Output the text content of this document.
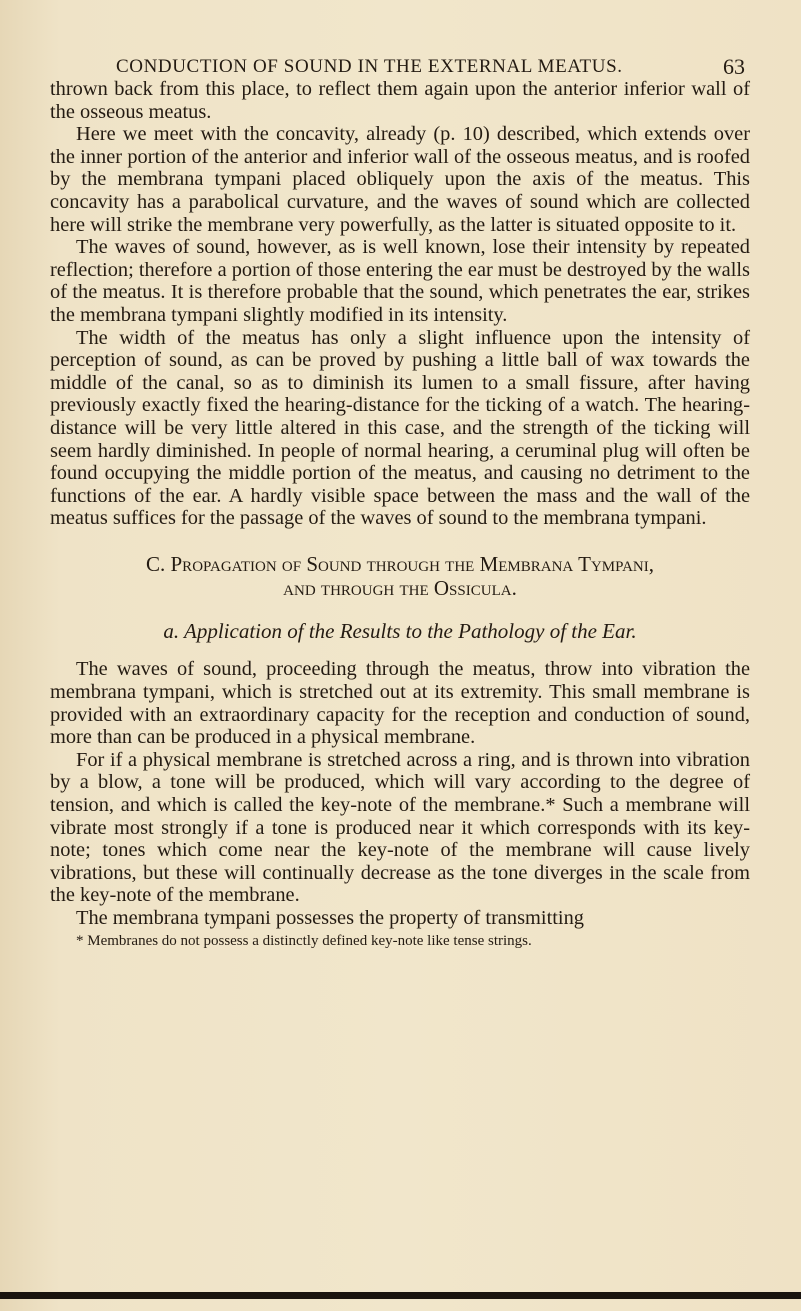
CONDUCTION OF SOUND IN THE EXTERNAL MEATUS.	63

thrown back from this place, to reflect them again upon the anterior inferior wall of the osseous meatus.

Here we meet with the concavity, already (p. 10) described, which extends over the inner portion of the anterior and inferior wall of the osseous meatus, and is roofed by the membrana tympani placed obliquely upon the axis of the meatus. This concavity has a parabolical curvature, and the waves of sound which are collected here will strike the membrane very powerfully, as the latter is situated opposite to it.

The waves of sound, however, as is well known, lose their intensity by repeated reflection; therefore a portion of those entering the ear must be destroyed by the walls of the meatus. It is therefore probable that the sound, which penetrates the ear, strikes the membrana tympani slightly modified in its intensity.

The width of the meatus has only a slight influence upon the intensity of perception of sound, as can be proved by pushing a little ball of wax towards the middle of the canal, so as to diminish its lumen to a small fissure, after having previously exactly fixed the hearing-distance for the ticking of a watch. The hearing-distance will be very little altered in this case, and the strength of the ticking will seem hardly diminished. In people of normal hearing, a ceruminal plug will often be found occupying the middle portion of the meatus, and causing no detriment to the functions of the ear. A hardly visible space between the mass and the wall of the meatus suffices for the passage of the waves of sound to the membrana tympani.

C. Propagation of Sound through the Membrana Tympani,
and through the Ossicula.
a. Application of the Results to the Pathology of the Ear.

The waves of sound, proceeding through the meatus, throw into vibration the membrana tympani, which is stretched out at its extremity. This small membrane is provided with an extraordinary capacity for the reception and conduction of sound, more than can be produced in a physical membrane.

For if a physical membrane is stretched across a ring, and is thrown into vibration by a blow, a tone will be produced, which will vary according to the degree of tension, and which is called the key-note of the membrane.* Such a membrane will vibrate most strongly if a tone is produced near it which corresponds with its key-note; tones which come near the key-note of the membrane will cause lively vibrations, but these will continually decrease as the tone diverges in the scale from the key-note of the membrane.

The membrana tympani possesses the property of transmitting

* Membranes do not possess a distinctly defined key-note like tense strings.
